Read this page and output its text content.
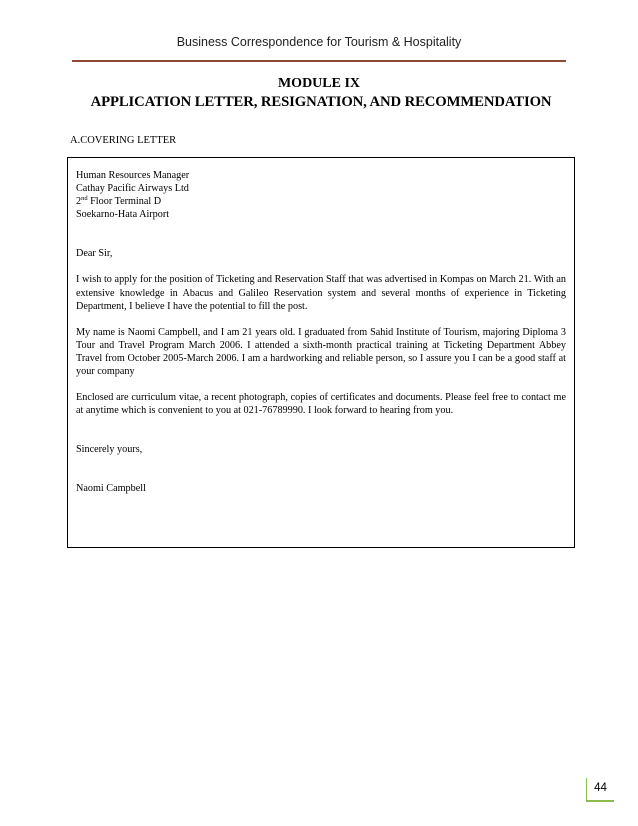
Business Correspondence for Tourism & Hospitality
MODULE IX
APPLICATION LETTER, RESIGNATION, AND RECOMMENDATION
A.COVERING LETTER

Human Resources Manager

Cathay Pacific Airways Ltd

2nd Floor Terminal D

Soekarno-Hata Airport

Dear Sir,

I wish to apply for the position of Ticketing and Reservation Staff that was advertised in Kompas on March 21. With an extensive knowledge in Abacus and Galileo Reservation system and several months of experience in Ticketing Department, I believe I have the potential to fill the post.

My name is Naomi Campbell, and I am 21 years old. I graduated from Sahid Institute of Tourism, majoring Diploma 3 Tour and Travel Program March 2006. I attended a sixth-month practical training at Ticketing Department Abbey Travel from October 2005-March 2006. I am a hardworking and reliable person, so I assure you I can be a good staff at your company

Enclosed are curriculum vitae, a recent photograph, copies of certificates and documents. Please feel free to contact me at anytime which is convenient to you at 021-76789990. I look forward to hearing from you.

Sincerely yours,

Naomi Campbell

44
